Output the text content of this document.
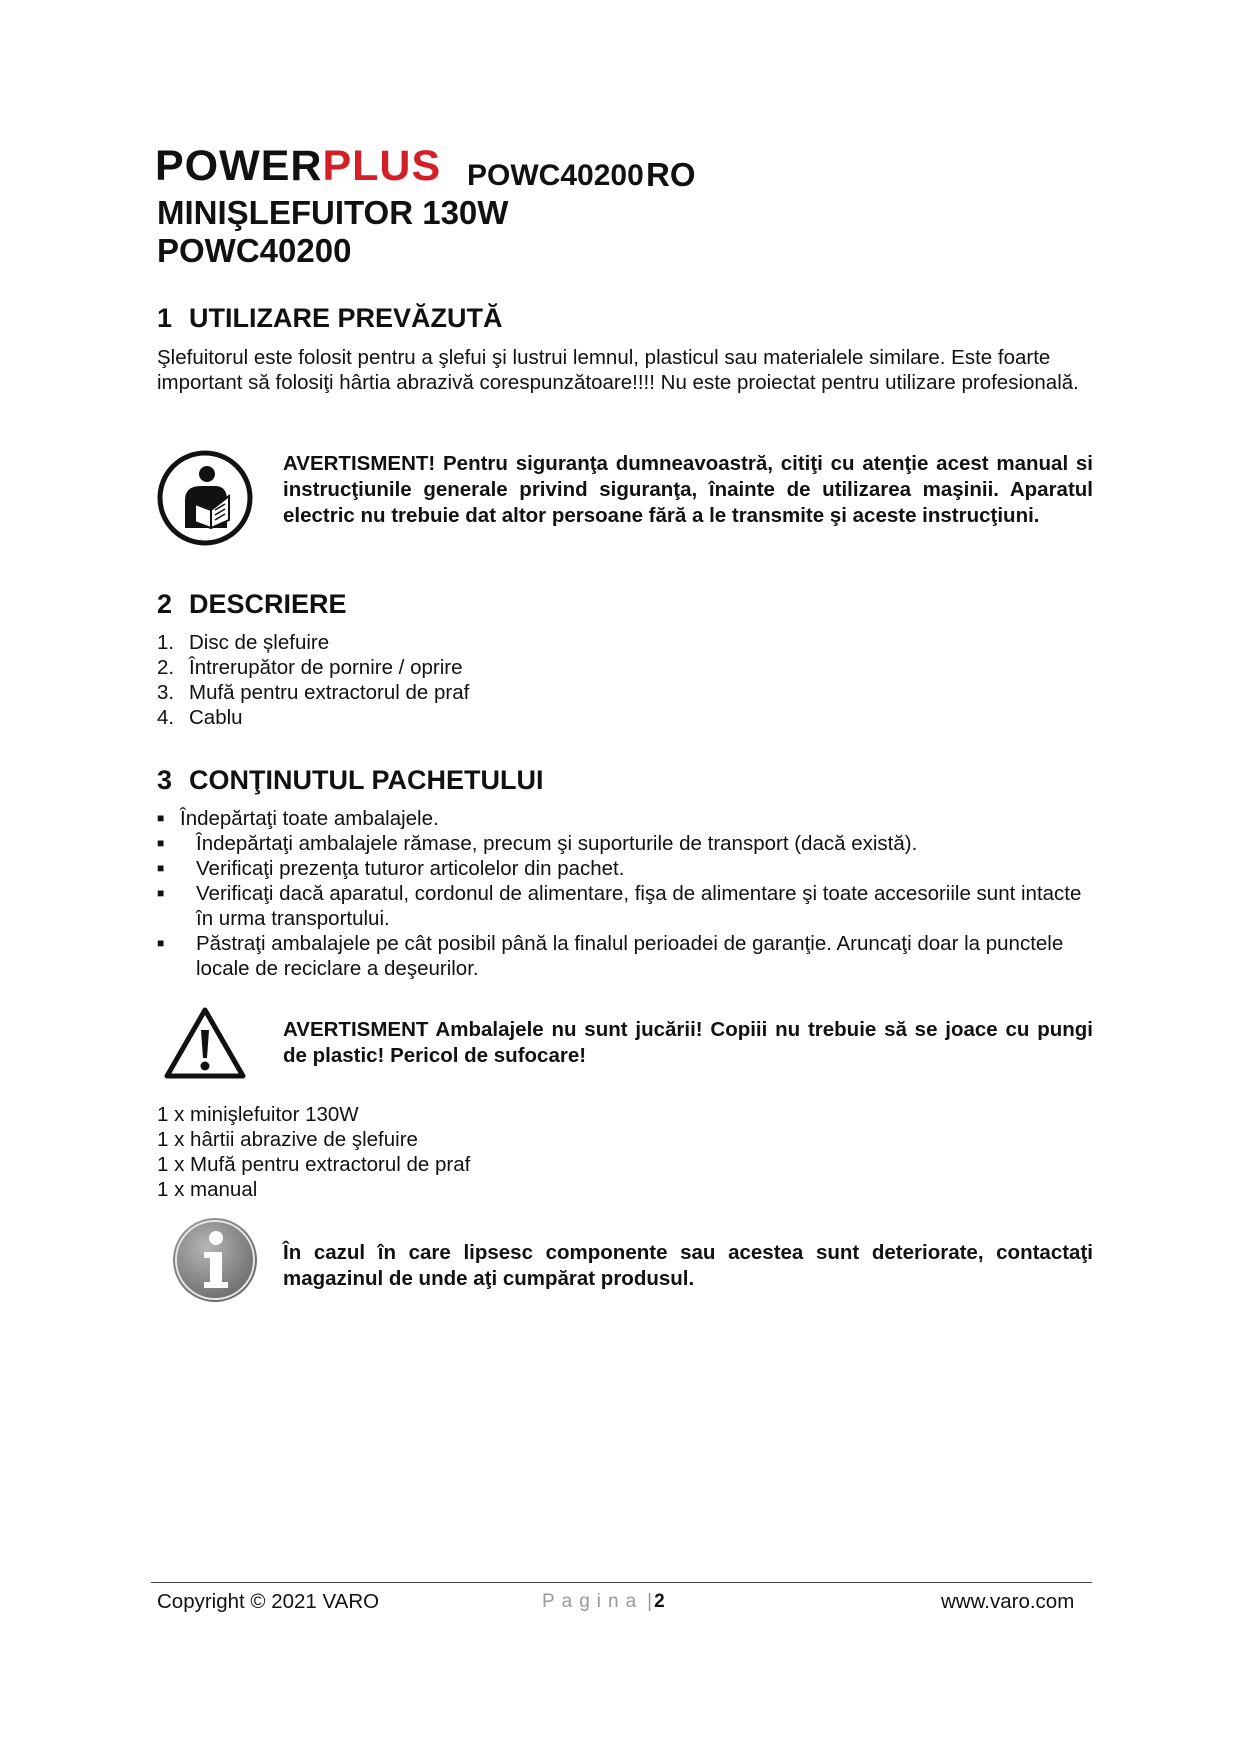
POWERPLUS POWC40200 RO
MINIŞLEFUITOR 130W
POWC40200
1 UTILIZARE PREVĂZUTĂ
Şlefuitorul este folosit pentru a şlefui şi lustrui lemnul, plasticul sau materialele similare. Este foarte important să folosiţi hârtia abrazivă corespunzătoare!!!! Nu este proiectat pentru utilizare profesională.
AVERTISMENT! Pentru siguranţa dumneavoastră, citiţi cu atenţie acest manual si instrucţiunile generale privind siguranţa, înainte de utilizarea maşinii. Aparatul electric nu trebuie dat altor persoane fără a le transmite şi aceste instrucţiuni.
2 DESCRIERE
1. Disc de șlefuire
2. Întrerupător de pornire / oprire
3. Mufă pentru extractorul de praf
4. Cablu
3 CONŢINUTUL PACHETULUI
■ Îndepărtaţi toate ambalajele.
■	Îndepărtaţi ambalajele rămase, precum şi suporturile de transport (dacă există).
■	Verificaţi prezenţa tuturor articolelor din pachet.
■	Verificaţi dacă aparatul, cordonul de alimentare, fişa de alimentare şi toate accesoriile sunt intacte în urma transportului.
■	Păstraţi ambalajele pe cât posibil până la finalul perioadei de garanţie. Aruncaţi doar la punctele locale de reciclare a deşeurilor.
AVERTISMENT Ambalajele nu sunt jucării! Copiii nu trebuie să se joace cu pungi de plastic! Pericol de sufocare!
1 x minişlefuitor 130W
1 x hârtii abrazive de şlefuire
1 x Mufă pentru extractorul de praf
1 x manual
În cazul în care lipsesc componente sau acestea sunt deteriorate, contactaţi magazinul de unde aţi cumpărat produsul.
Copyright © 2021 VARO	Pagina | 2	www.varo.com
